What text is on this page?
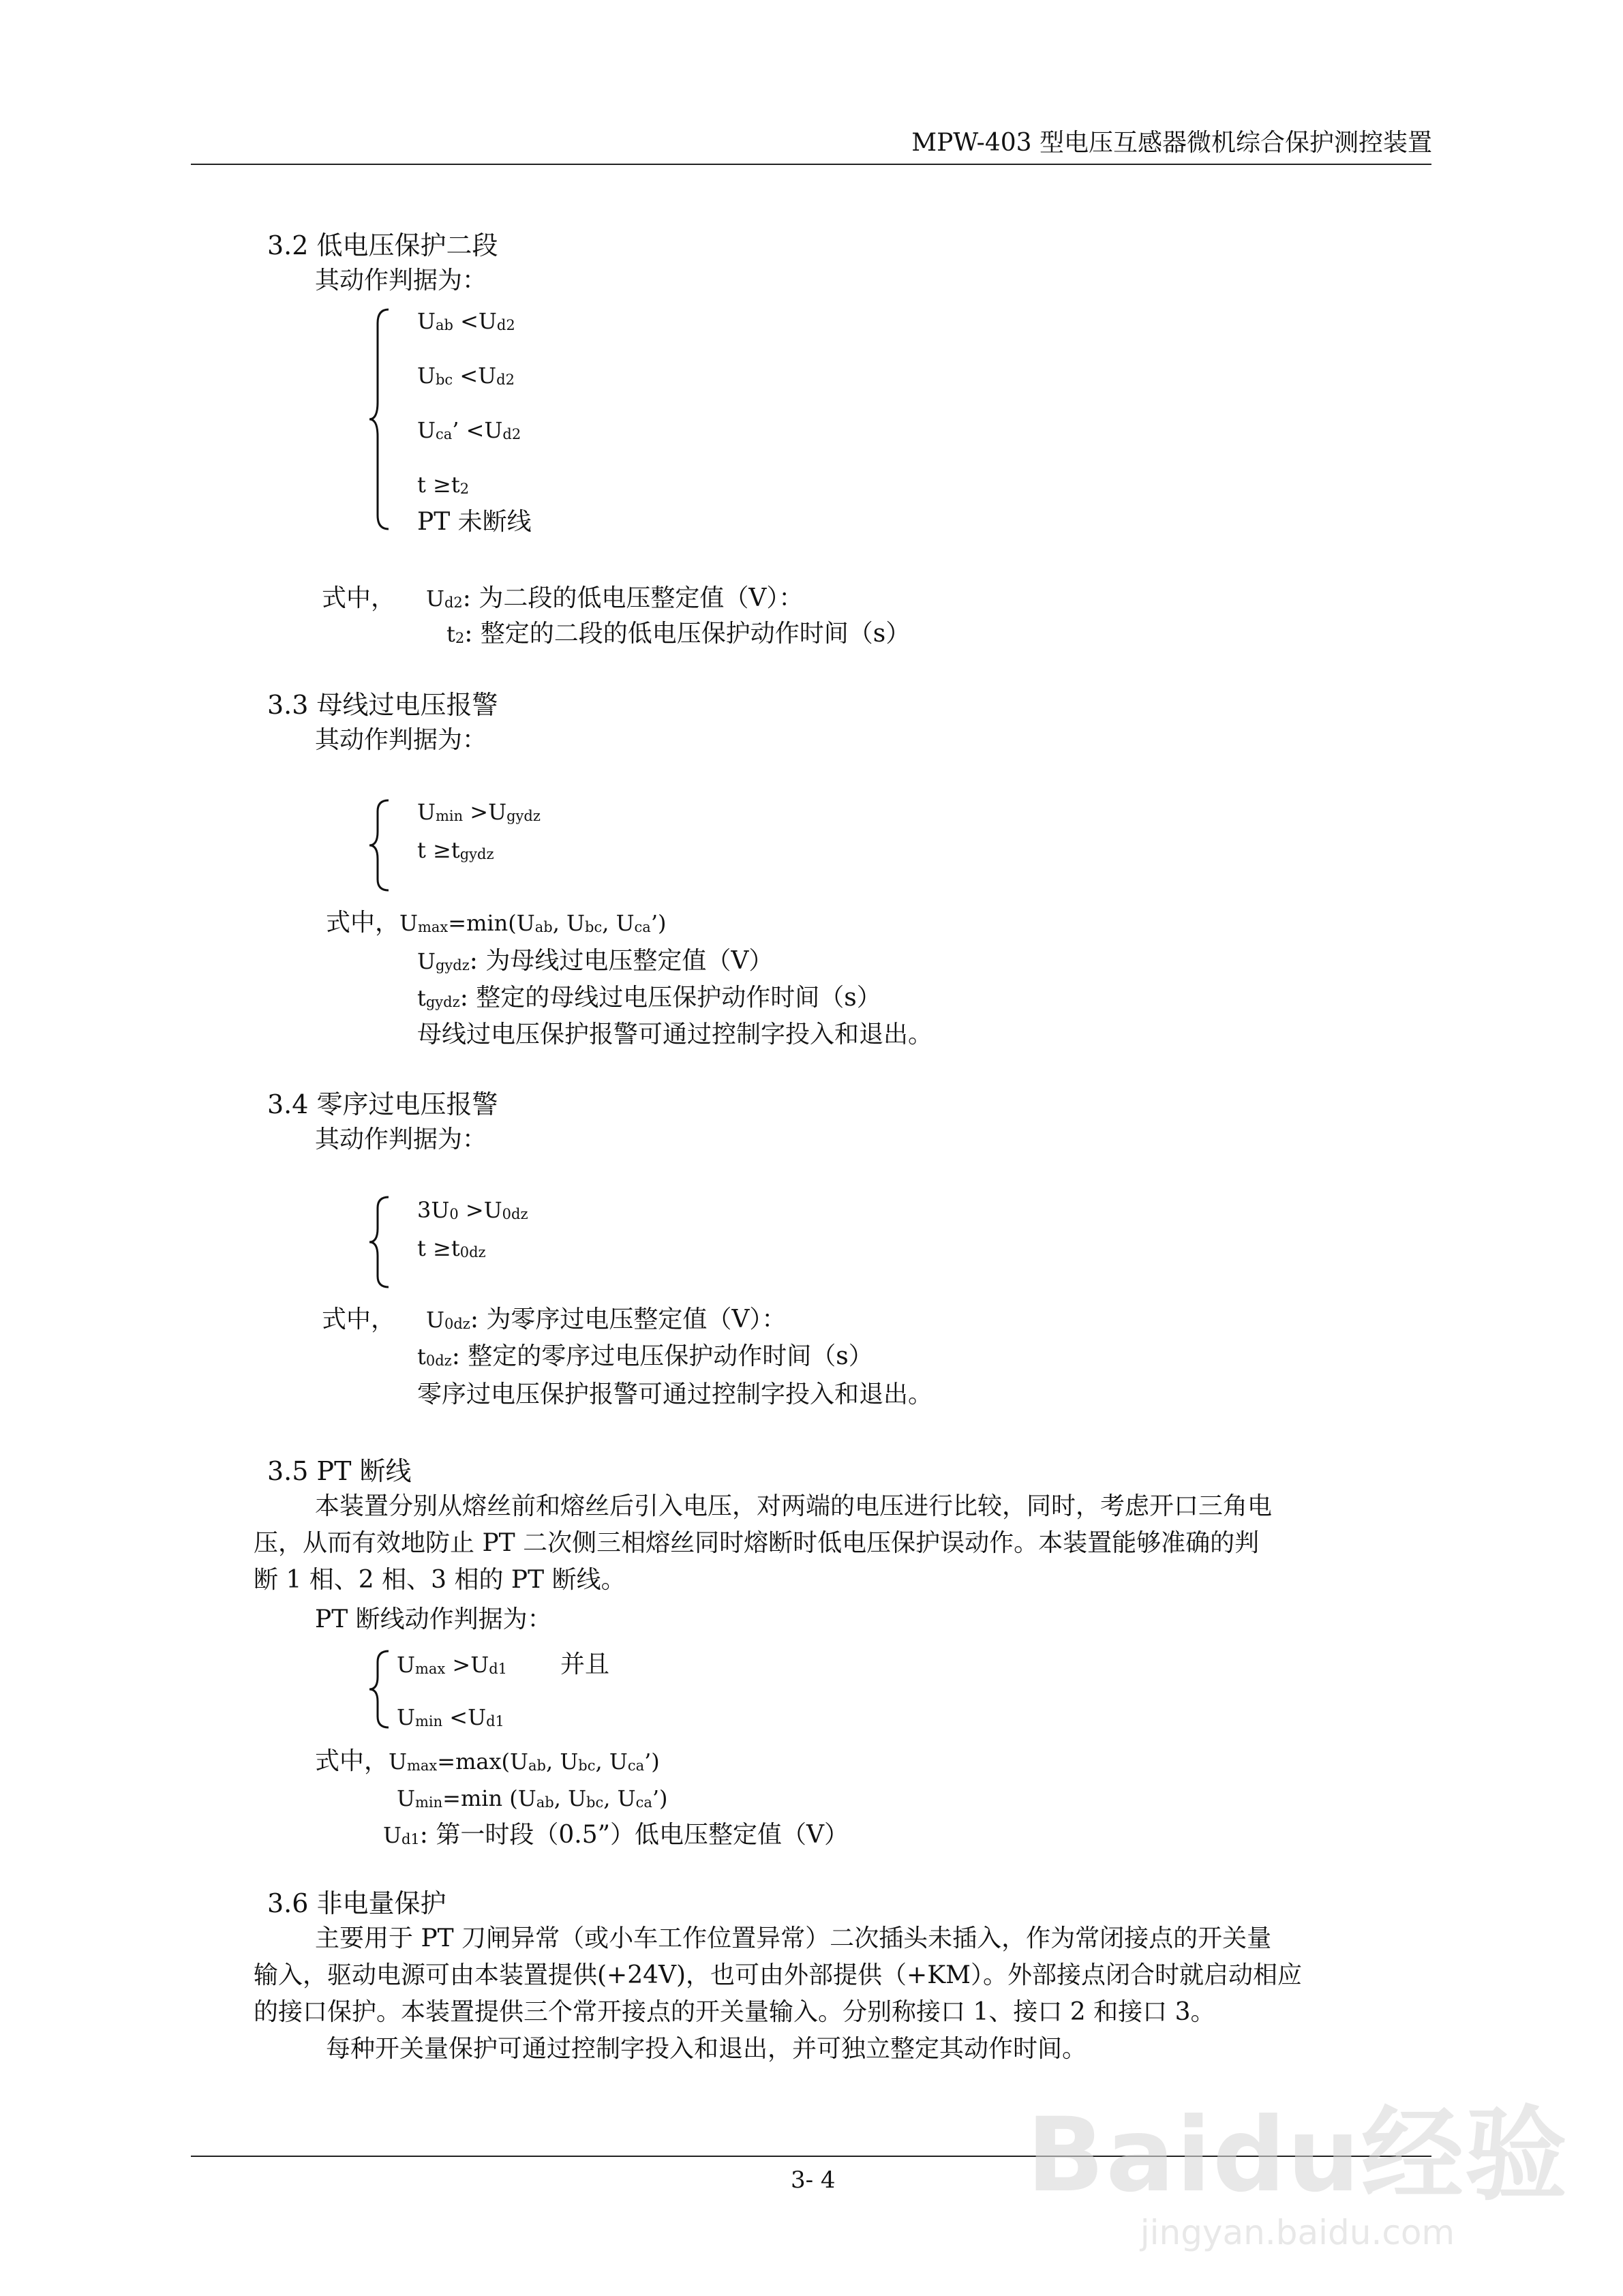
MPW-403 型电压互感器微机综合保护测控装置
3.2 低电压保护二段
其动作判据为：
Uab <Ud2
Ubc <Ud2
Uca’ <Ud2
t ≥t2
PT 未断线
式中， Ud2: 为二段的低电压整定值（V）：
t2: 整定的二段的低电压保护动作时间（s）
3.3 母线过电压报警
其动作判据为：
Umin >Ugydz
t ≥tgydz
式中，Umax=min(Uab, Ubc, Uca’)
Ugydz: 为母线过电压整定值（V）
tgydz: 整定的母线过电压保护动作时间（s）
母线过电压保护报警可通过控制字投入和退出。
3.4 零序过电压报警
其动作判据为：
3U0 >U0dz
t ≥t0dz
式中， U0dz: 为零序过电压整定值（V）：
t0dz: 整定的零序过电压保护动作时间（s）
零序过电压保护报警可通过控制字投入和退出。
3.5 PT 断线
本装置分别从熔丝前和熔丝后引入电压，对两端的电压进行比较，同时，考虑开口三角电
压，从而有效地防止 PT 二次侧三相熔丝同时熔断时低电压保护误动作。本装置能够准确的判
断 1 相、2 相、3 相的 PT 断线。
PT 断线动作判据为：
Umax >Ud1 并且
Umin <Ud1
式中，Umax=max(Uab, Ubc, Uca’)
Umin=min (Uab, Ubc, Uca’)
Ud1: 第一时段（0.5”）低电压整定值（V）
3.6 非电量保护
主要用于 PT 刀闸异常（或小车工作位置异常）二次插头未插入，作为常闭接点的开关量
输入，驱动电源可由本装置提供(+24V)，也可由外部提供（+KM）。外部接点闭合时就启动相应
的接口保护。本装置提供三个常开接点的开关量输入。分别称接口 1、接口 2 和接口 3。
每种开关量保护可通过控制字投入和退出，并可独立整定其动作时间。
3- 4 Baidu经验
jingyan.baidu.com
